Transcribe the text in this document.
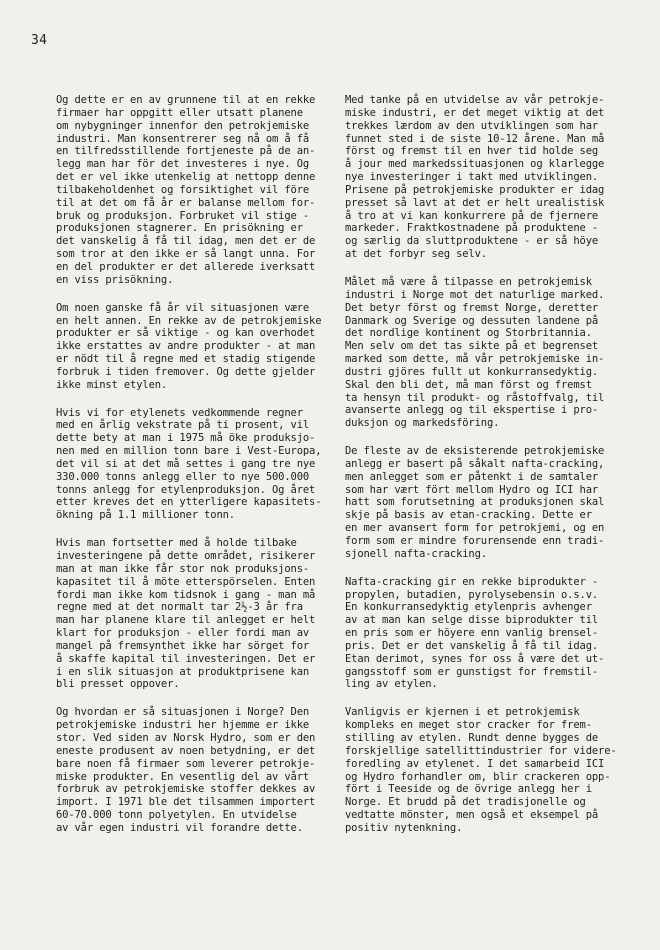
34

Og dette er en av grunnene til at en rekke
firmaer har oppgitt eller utsatt planene
om nybygninger innenfor den petrokjemiske
industri. Man konsentrerer seg nå om å få
en tilfredsstillende fortjeneste på de an-
legg man har för det investeres i nye. Og
det er vel ikke utenkelig at nettopp denne
tilbakeholdenhet og forsiktighet vil före
til at det om få år er balanse mellom for-
bruk og produksjon. Forbruket vil stige -
produksjonen stagnerer. En prisökning er
det vanskelig å få til idag, men det er de
som tror at den ikke er så langt unna. For
en del produkter er det allerede iverksatt
en viss prisökning.

Om noen ganske få år vil situasjonen være
en helt annen. En rekke av de petrokjemiske
produkter er så viktige - og kan overhodet
ikke erstattes av andre produkter - at man
er nödt til å regne med et stadig stigende
forbruk i tiden fremover. Og dette gjelder
ikke minst etylen.

Hvis vi for etylenets vedkommende regner
med en årlig vekstrate på ti prosent, vil
dette bety at man i 1975 må öke produksjo-
nen med en million tonn bare i Vest-Europa,
det vil si at det må settes i gang tre nye
330.000 tonns anlegg eller to nye 500.000
tonns anlegg for etylenproduksjon. Og året
etter kreves det en ytterligere kapasitets-
ökning på 1.1 millioner tonn.

Hvis man fortsetter med å holde tilbake
investeringene på dette området, risikerer
man at man ikke får stor nok produksjons-
kapasitet til å möte etterspörselen. Enten
fordi man ikke kom tidsnok i gang - man må
regne med at det normalt tar 2½-3 år fra
man har planene klare til anlegget er helt
klart for produksjon - eller fordi man av
mangel på fremsynthet ikke har sörget for
å skaffe kapital til investeringen. Det er
i en slik situasjon at produktprisene kan
bli presset oppover.

Og hvordan er så situasjonen i Norge? Den
petrokjemiske industri her hjemme er ikke
stor. Ved siden av Norsk Hydro, som er den
eneste produsent av noen betydning, er det
bare noen få firmaer som leverer petrokje-
miske produkter. En vesentlig del av vårt
forbruk av petrokjemiske stoffer dekkes av
import. I 1971 ble det tilsammen importert
60-70.000 tonn polyetylen. En utvidelse
av vår egen industri vil forandre dette.

Med tanke på en utvidelse av vår petrokje-
miske industri, er det meget viktig at det
trekkes lærdom av den utviklingen som har
funnet sted i de siste 10-12 årene. Man må
först og fremst til en hver tid holde seg
å jour med markedssituasjonen og klarlegge
nye investeringer i takt med utviklingen.
Prisene på petrokjemiske produkter er idag
presset så lavt at det er helt urealistisk
å tro at vi kan konkurrere på de fjernere
markeder. Fraktkostnadene på produktene -
og særlig da sluttproduktene - er så höye
at det forbyr seg selv.

Målet må være å tilpasse en petrokjemisk
industri i Norge mot det naturlige marked.
Det betyr först og fremst Norge, deretter
Danmark og Sverige og dessuten landene på
det nordlige kontinent og Storbritannia.
Men selv om det tas sikte på et begrenset
marked som dette, må vår petrokjemiske in-
dustri gjöres fullt ut konkurransedyktig.
Skal den bli det, må man först og fremst
ta hensyn til produkt- og råstoffvalg, til
avanserte anlegg og til ekspertise i pro-
duksjon og markedsföring.

De fleste av de eksisterende petrokjemiske
anlegg er basert på såkalt nafta-cracking,
men anlegget som er påtenkt i de samtaler
som har vært fört mellom Hydro og ICI har
hatt som forutsetning at produksjonen skal
skje på basis av etan-cracking. Dette er
en mer avansert form for petrokjemi, og en
form som er mindre forurensende enn tradi-
sjonell nafta-cracking.

Nafta-cracking gir en rekke biprodukter -
propylen, butadien, pyrolysebensin o.s.v.
En konkurransedyktig etylenpris avhenger
av at man kan selge disse biprodukter til
en pris som er höyere enn vanlig brensel-
pris. Det er det vanskelig å få til idag.
Etan derimot, synes for oss å være det ut-
gangsstoff som er gunstigst for fremstil-
ling av etylen.

Vanligvis er kjernen i et petrokjemisk
kompleks en meget stor cracker for frem-
stilling av etylen. Rundt denne bygges de
forskjellige satellittindustrier for videre-
foredling av etylenet. I det samarbeid ICI
og Hydro forhandler om, blir crackeren opp-
fört i Teeside og de övrige anlegg her i
Norge. Et brudd på det tradisjonelle og
vedtatte mönster, men også et eksempel på
positiv nytenkning.
